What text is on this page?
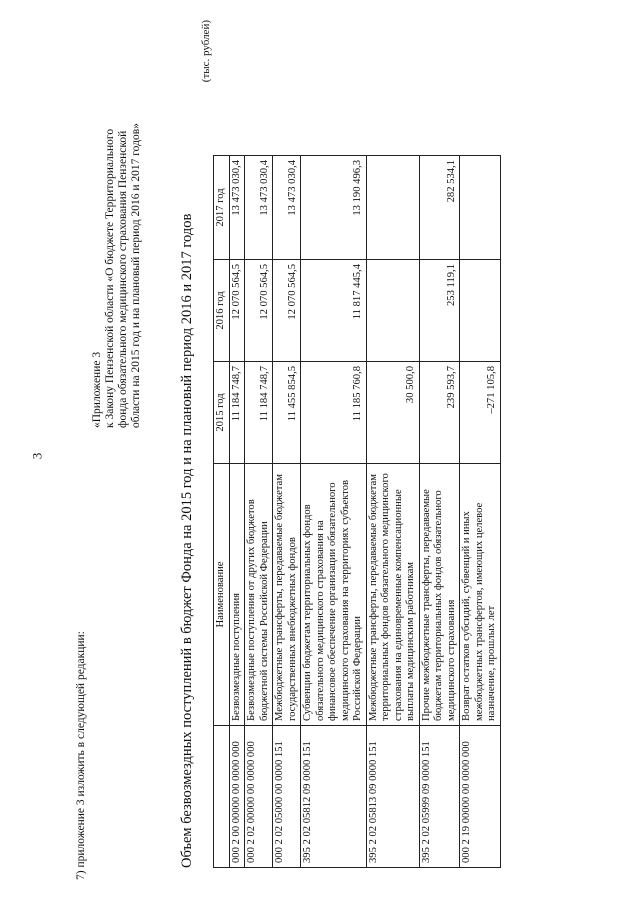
3
7) приложение 3 изложить в следующей редакции:
«Приложение 3 к Закону Пензенской области «О бюджете Территориального фонда обязательного медицинского страхования Пензенской области на 2015 год и на плановый период 2016 и 2017 годов»	Объем безвозмездных поступлений в бюджет Фонда на 2015 год и на плановый период 2016 и 2017 годов
(тыс. рублей)
	Наименование	2015 год	2016 год	2017 год
000 2 00 00000 00 0000 000	Безвозмездные поступления	11 184 748,7	12 070 564,5	13 473 030,4
000 2 02 00000 00 0000 000	Безвозмездные поступления от других бюджетов бюджетной системы Российской Федерации	11 184 748,7	12 070 564,5	13 473 030,4
000 2 02 05000 00 0000 151	Межбюджетные трансферты, передаваемые бюджетам государственных внебюджетных фондов	11 455 854,5	12 070 564,5	13 473 030,4
395 2 02 05812 09 0000 151	Субвенции бюджетам территориальных фондов обязательного медицинского страхования на финансовое обеспечение организации обязательного медицинского страхования на территориях субъектов Российской Федерации	11 185 760,8	11 817 445,4	13 190 496,3
395 2 02 05813 09 0000 151	Межбюджетные трансферты, передаваемые бюджетам территориальных фондов обязательного медицинского страхования на единовременные компенсационные выплаты медицинским работникам	30 500,0		
395 2 02 05999 09 0000 151	Прочие межбюджетные трансферты, передаваемые бюджетам территориальных фондов обязательного медицинского страхования	239 593,7	253 119,1	282 534,1
000 2 19 00000 00 0000 000	Возврат остатков субсидий, субвенций и иных межбюджетных трансфертов, имеющих целевое назначение, прошлых лет	–271 105,8		
